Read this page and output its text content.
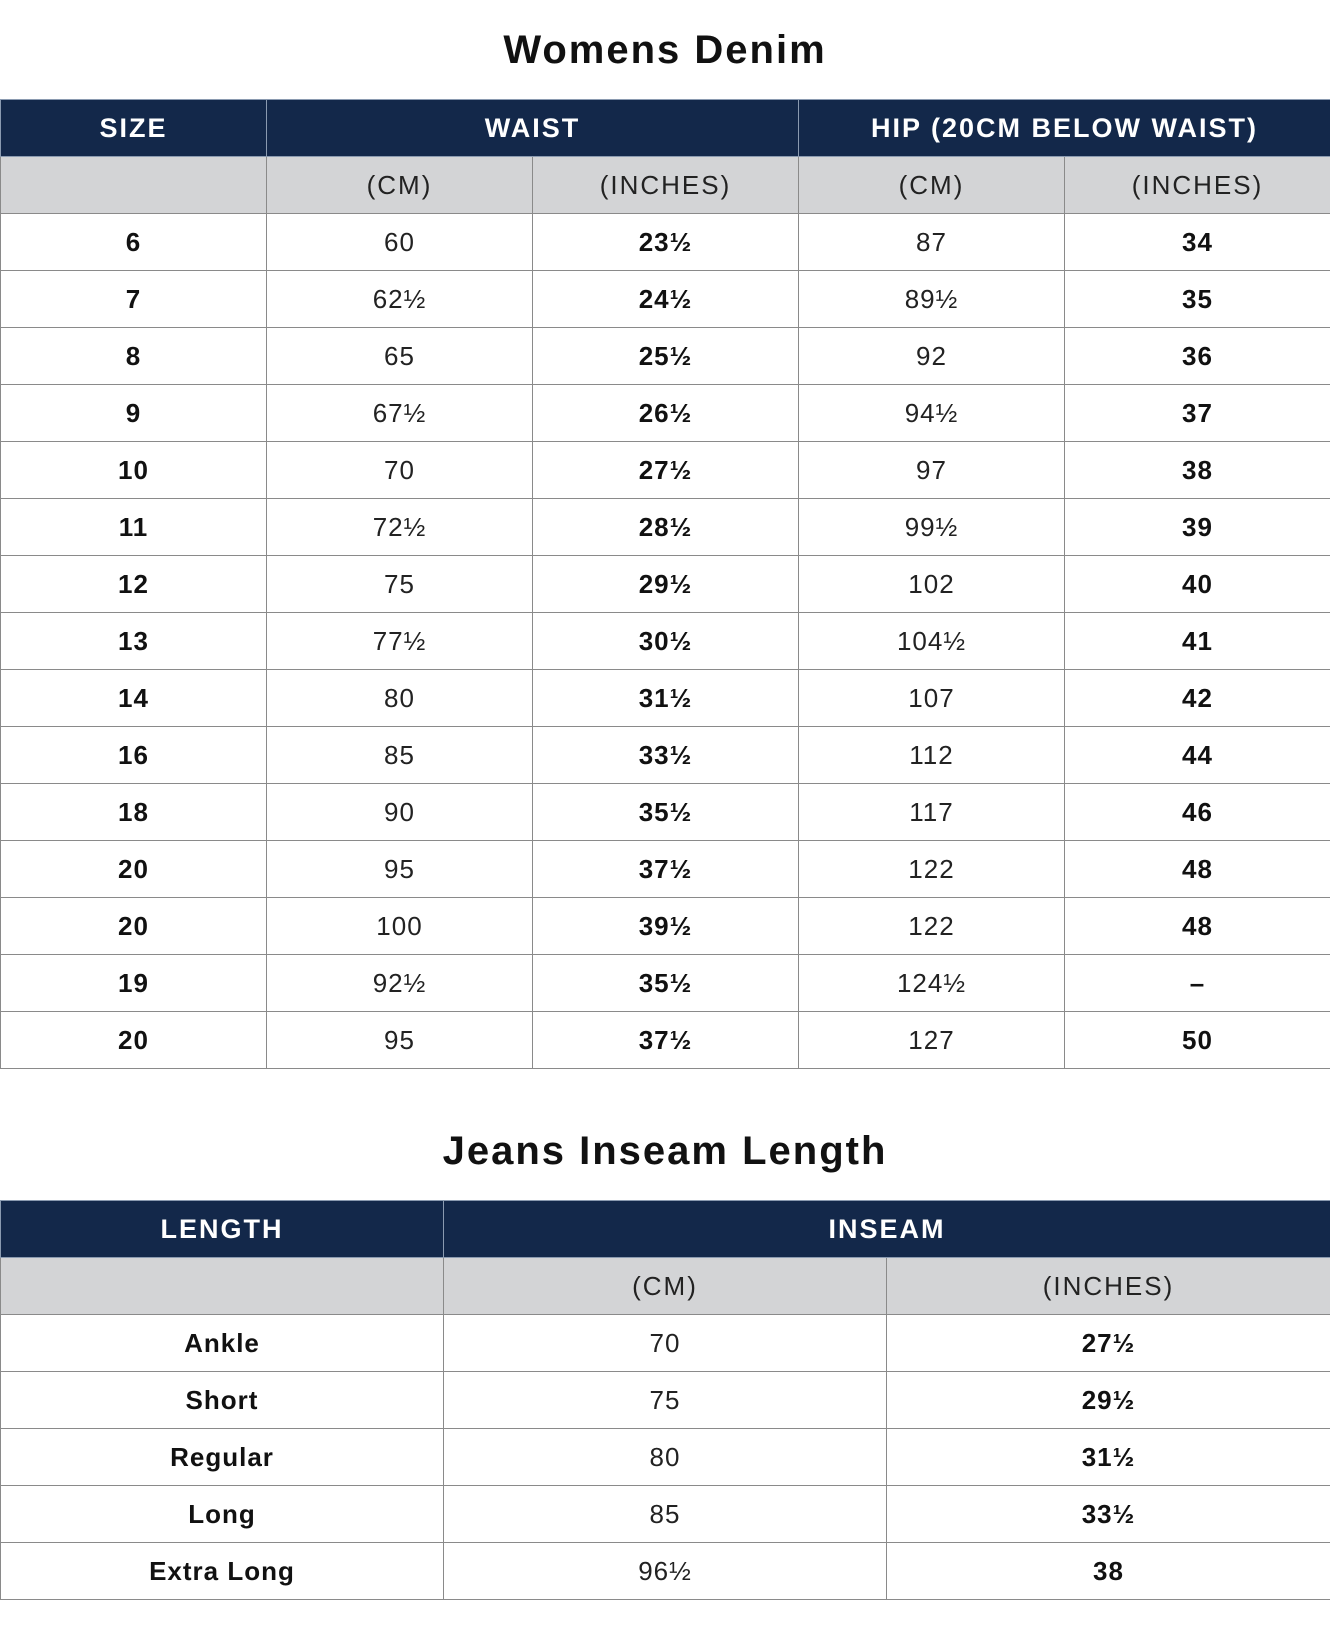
Womens Denim
SIZE	WAIST		HIP (20CM BELOW WAIST)	
	(CM)	(INCHES)	(CM)	(INCHES)
6	60	23½	87	34
7	62½	24½	89½	35
8	65	25½	92	36
9	67½	26½	94½	37
10	70	27½	97	38
11	72½	28½	99½	39
12	75	29½	102	40
13	77½	30½	104½	41
14	80	31½	107	42
16	85	33½	112	44
18	90	35½	117	46
20	95	37½	122	48
20	100	39½	122	48
19	92½	35½	124½	–
20	95	37½	127	50
Jeans Inseam Length
LENGTH	INSEAM	
	(CM)	(INCHES)
Ankle	70	27½
Short	75	29½
Regular	80	31½
Long	85	33½
Extra Long	96½	38
